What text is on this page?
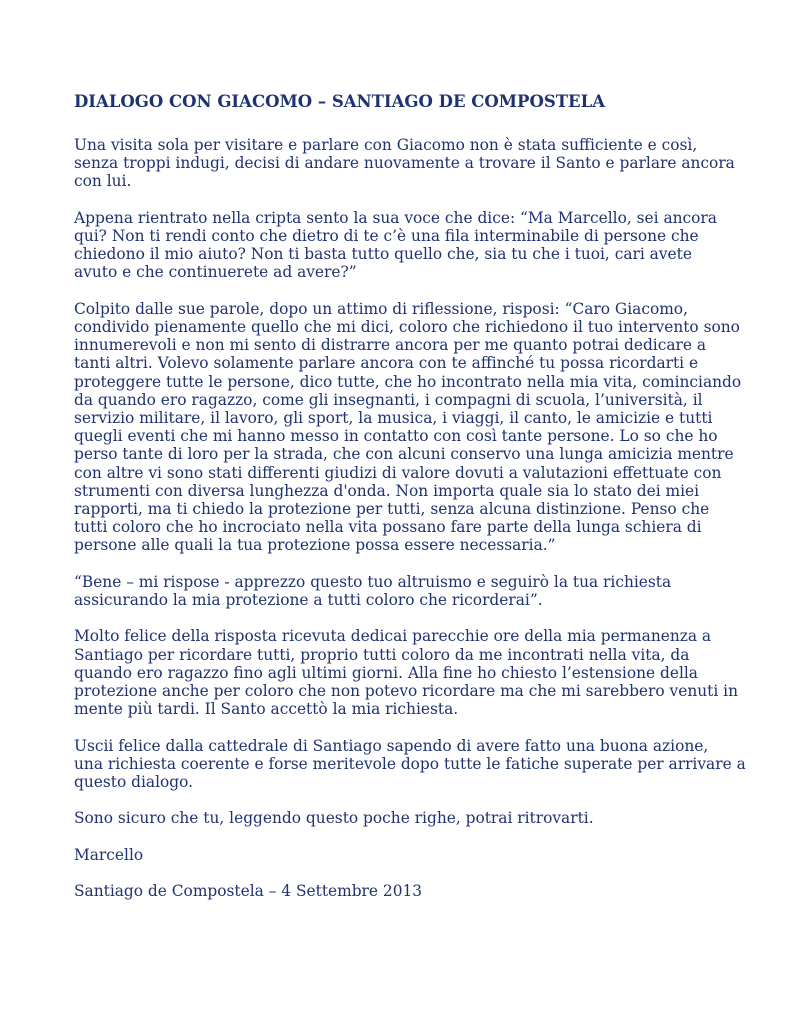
DIALOGO CON GIACOMO – SANTIAGO DE COMPOSTELA

Una visita sola per visitare e parlare con Giacomo non è stata sufficiente e così,
senza troppi indugi, decisi di andare nuovamente a trovare il Santo e parlare ancora
con lui.

Appena rientrato nella cripta sento la sua voce che dice: “Ma Marcello, sei ancora
qui? Non ti rendi conto che dietro di te c’è una fila interminabile di persone che
chiedono il mio aiuto? Non ti basta tutto quello che, sia tu che i tuoi, cari avete
avuto e che continuerete ad avere?”

Colpito dalle sue parole, dopo un attimo di riflessione, risposi: “Caro Giacomo,
condivido pienamente quello che mi dici, coloro che richiedono il tuo intervento sono
innumerevoli e non mi sento di distrarre ancora per me quanto potrai dedicare a
tanti altri. Volevo solamente parlare ancora con te affinché tu possa ricordarti e
proteggere tutte le persone, dico tutte, che ho incontrato nella mia vita, cominciando
da quando ero ragazzo, come gli insegnanti, i compagni di scuola, l’università, il
servizio militare, il lavoro, gli sport, la musica, i viaggi, il canto, le amicizie e tutti
quegli eventi che mi hanno messo in contatto con così tante persone. Lo so che ho
perso tante di loro per la strada, che con alcuni conservo una lunga amicizia mentre
con altre vi sono stati differenti giudizi di valore dovuti a valutazioni effettuate con
strumenti con diversa lunghezza d'onda. Non importa quale sia lo stato dei miei
rapporti, ma ti chiedo la protezione per tutti, senza alcuna distinzione. Penso che
tutti coloro che ho incrociato nella vita possano fare parte della lunga schiera di
persone alle quali la tua protezione possa essere necessaria.”

“Bene – mi rispose - apprezzo questo tuo altruismo e seguirò la tua richiesta
assicurando la mia protezione a tutti coloro che ricorderai”.

Molto felice della risposta ricevuta dedicai parecchie ore della mia permanenza a
Santiago per ricordare tutti, proprio tutti coloro da me incontrati nella vita, da
quando ero ragazzo fino agli ultimi giorni. Alla fine ho chiesto l’estensione della
protezione anche per coloro che non potevo ricordare ma che mi sarebbero venuti in
mente più tardi. Il Santo accettò la mia richiesta.

Uscii felice dalla cattedrale di Santiago sapendo di avere fatto una buona azione,
una richiesta coerente e forse meritevole dopo tutte le fatiche superate per arrivare a
questo dialogo.

Sono sicuro che tu, leggendo questo poche righe, potrai ritrovarti.

Marcello

Santiago de Compostela – 4 Settembre 2013
